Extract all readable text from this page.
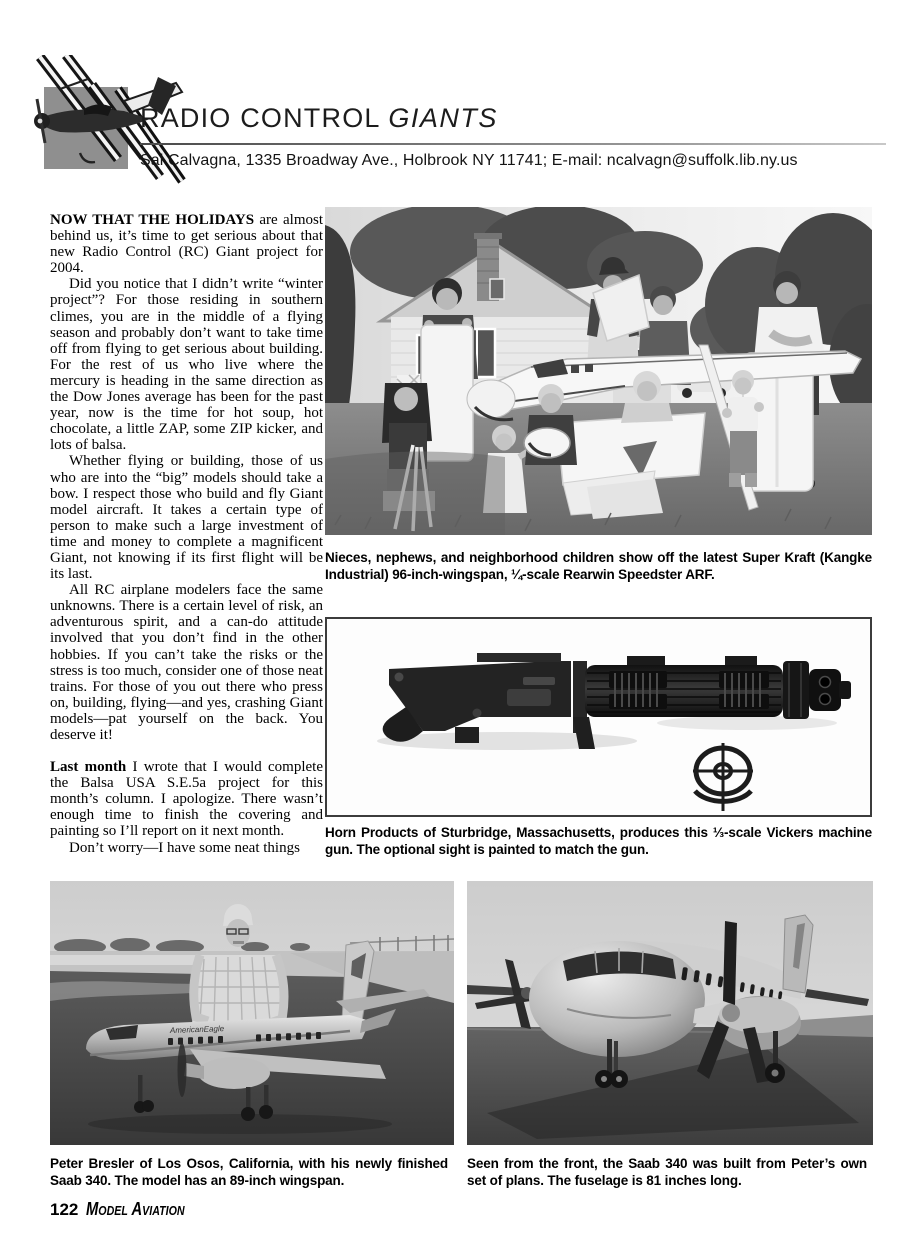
RADIO CONTROL GIANTS
Sal Calvagna, 1335 Broadway Ave., Holbrook NY 11741; E-mail: ncalvagn@suffolk.lib.ny.us

NOW THAT THE HOLIDAYS are almost behind us, it’s time to get serious about that new Radio Control (RC) Giant project for 2004.

Did you notice that I didn’t write “winter project”? For those residing in southern climes, you are in the middle of a flying season and probably don’t want to take time off from flying to get serious about building. For the rest of us who live where the mercury is heading in the same direction as the Dow Jones average has been for the past year, now is the time for hot soup, hot chocolate, a little ZAP, some ZIP kicker, and lots of balsa.

Whether flying or building, those of us who are into the “big” models should take a bow. I respect those who build and fly Giant model aircraft. It takes a certain type of person to make such a large investment of time and money to complete a magnificent Giant, not knowing if its first flight will be its last.

All RC airplane modelers face the same unknowns. There is a certain level of risk, an adventurous spirit, and a can-do attitude involved that you don’t find in the other hobbies. If you can’t take the risks or the stress is too much, consider one of those neat trains. For those of you out there who press on, building, flying—and yes, crashing Giant models—pat yourself on the back. You deserve it!

Last month I wrote that I would complete the Balsa USA S.E.5a project for this month’s column. I apologize. There wasn’t enough time to finish the covering and painting so I’ll report on it next month.

Don’t worry—I have some neat things

Nieces, nephews, and neighborhood children show off the latest Super Kraft (Kangke Industrial) 96-inch-wingspan, ¼-scale Rearwin Speedster ARF.
Horn Products of Sturbridge, Massachusetts, produces this ⅓-scale Vickers machine gun. The optional sight is painted to match the gun.
AmericanEagle
Peter Bresler of Los Osos, California, with his newly finished Saab 340. The model has an 89-inch wingspan.
Seen from the front, the Saab 340 was built from Peter’s own set of plans. The fuselage is 81 inches long.
122 Model Aviation
